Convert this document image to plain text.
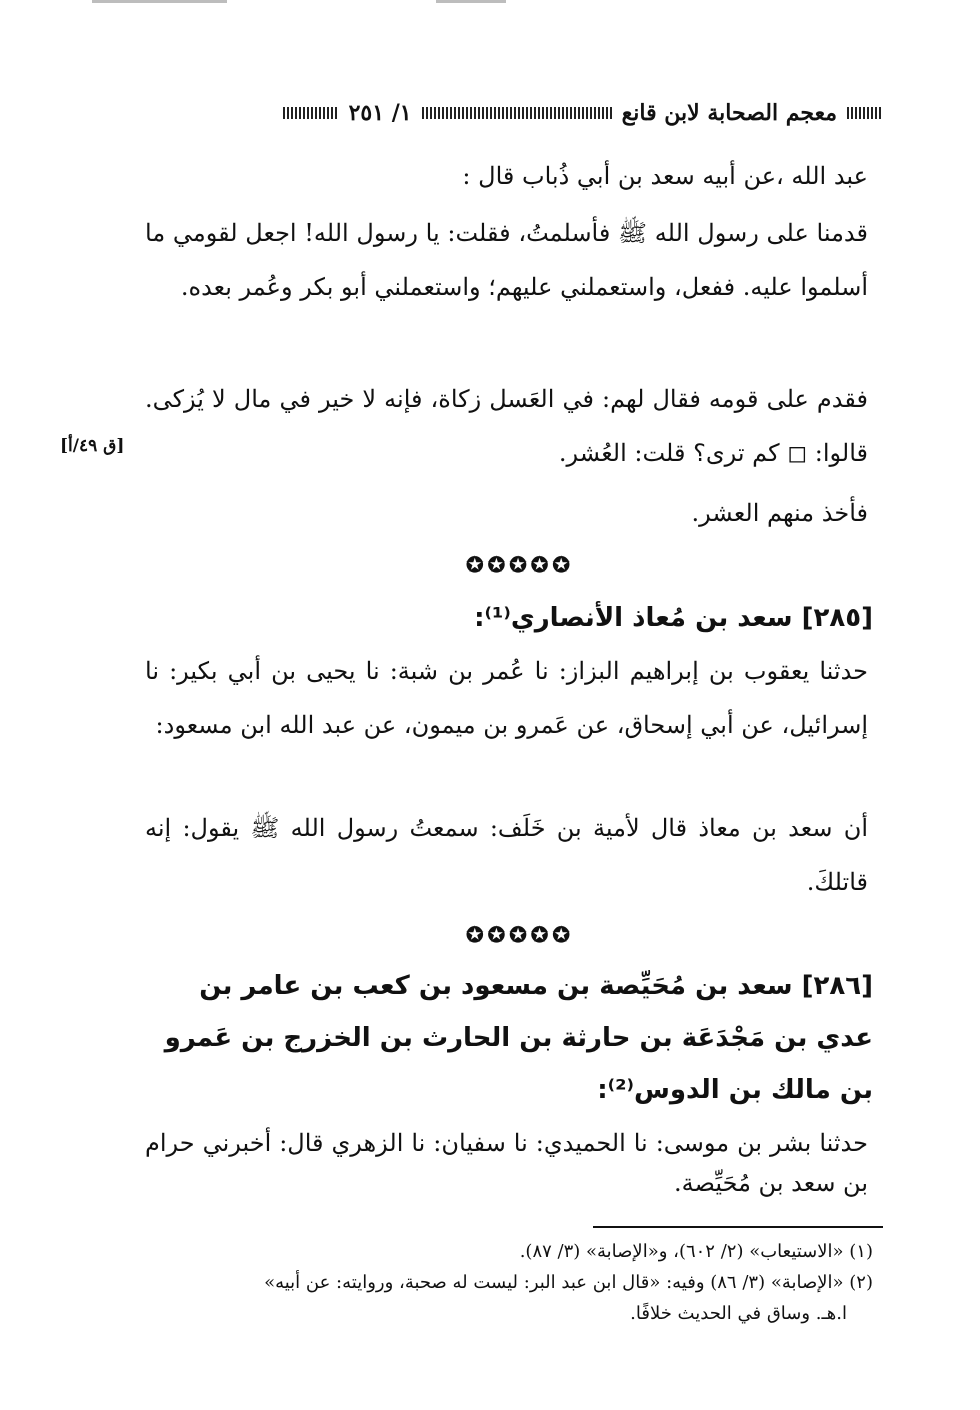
معجم الصحابة لابن قانع
١/ ٢٥١
عبد الله ،عن أبيه سعد بن أبي ذُباب قال :
قدمنا على رسول الله ﷺ فأسلمتُ، فقلت: يا رسول الله! اجعل لقومي ما أسلموا عليه. ففعل، واستعملني عليهم؛ واستعملني أبو بكر وعُمر بعده.
فقدم على قومه فقال لهم: في العَسل زكاة، فإنه لا خير في مال لا يُزكى. قالوا: ◻ كم ترى؟ قلت: العُشر.
[ق ٤٩/أ]
فأخذ منهم العشر.
✪✪✪✪✪
[٢٨٥] سعد بن مُعاذ الأنصاري⁽¹⁾:
حدثنا يعقوب بن إبراهيم البزاز: نا عُمر بن شبة: نا يحيى بن أبي بكير: نا إسرائيل، عن أبي إسحاق، عن عَمرو بن ميمون، عن عبد الله ابن مسعود:
أن سعد بن معاذ قال لأمية بن خَلَف: سمعتُ رسول الله ﷺ يقول: إنه قاتلكَ.
✪✪✪✪✪
[٢٨٦] سعد بن مُحَيِّصة بن مسعود بن كعب بن عامر بن عدي بن مَجْدَعَة بن حارثة بن الحارث بن الخزرج بن عَمرو بن مالك بن الدوس⁽²⁾:
حدثنا بشر بن موسى: نا الحميدي: نا سفيان: نا الزهري قال: أخبرني حرام بن سعد بن مُحَيِّصة.

(١) «الاستيعاب» (٢/ ٦٠٢)، و«الإصابة» (٣/ ٨٧).

(٢) «الإصابة» (٣/ ٨٦) وفيه: «قال ابن عبد البر: ليست له صحبة، وروايته: عن أبيه»

ا.هـ. وساق في الحديث خلافًا.
